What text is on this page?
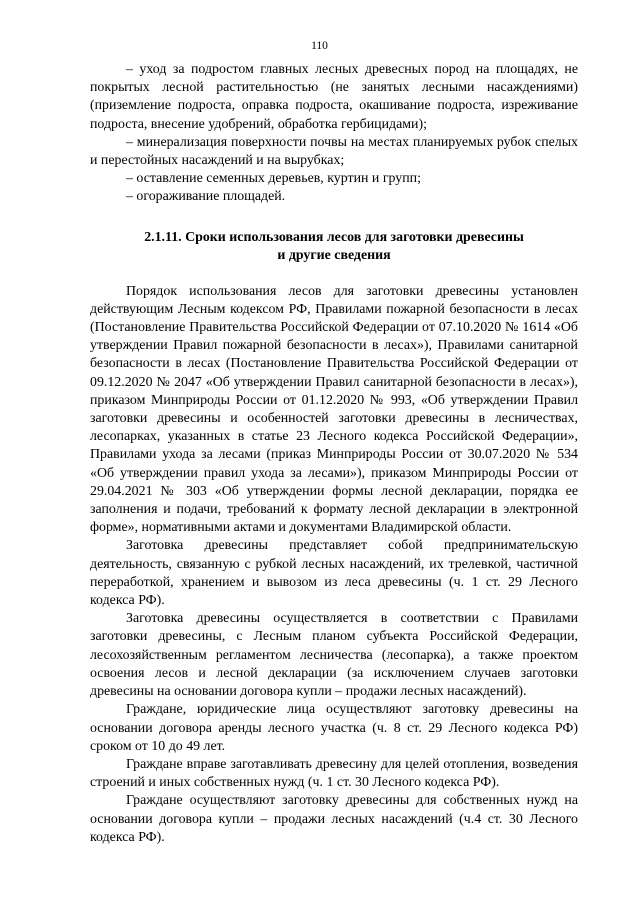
110

– уход за подростом главных лесных древесных пород на площадях, не покрытых лесной растительностью (не занятых лесными насаждениями) (приземление подроста, оправка подроста, окашивание подроста, изреживание подроста, внесение удобрений, обработка гербицидами);

– минерализация поверхности почвы на местах планируемых рубок спелых и перестойных насаждений и на вырубках;

– оставление семенных деревьев, куртин и групп;

– огораживание площадей.

2.1.11. Сроки использования лесов для заготовки древесины
и другие сведения

Порядок использования лесов для заготовки древесины установлен действующим Лесным кодексом РФ, Правилами пожарной безопасности в лесах (Постановление Правительства Российской Федерации от 07.10.2020 № 1614 «Об утверждении Правил пожарной безопасности в лесах»), Правилами санитарной безопасности в лесах (Постановление Правительства Российской Федерации от 09.12.2020 № 2047 «Об утверждении Правил санитарной безопасности в лесах»), приказом Минприроды России от 01.12.2020 № 993, «Об утверждении Правил заготовки древесины и особенностей заготовки древесины в лесничествах, лесопарках, указанных в статье 23 Лесного кодекса Российской Федерации», Правилами ухода за лесами (приказ Минприроды России от 30.07.2020 № 534 «Об утверждении правил ухода за лесами»), приказом Минприроды России от 29.04.2021 № 303 «Об утверждении формы лесной декларации, порядка ее заполнения и подачи, требований к формату лесной декларации в электронной форме», нормативными актами и документами Владимирской области.

Заготовка древесины представляет собой предпринимательскую деятельность, связанную с рубкой лесных насаждений, их трелевкой, частичной переработкой, хранением и вывозом из леса древесины (ч. 1 ст. 29 Лесного кодекса РФ).

Заготовка древесины осуществляется в соответствии с Правилами заготовки древесины, с Лесным планом субъекта Российской Федерации, лесохозяйственным регламентом лесничества (лесопарка), а также проектом освоения лесов и лесной декларации (за исключением случаев заготовки древесины на основании договора купли – продажи лесных насаждений).

Граждане, юридические лица осуществляют заготовку древесины на основании договора аренды лесного участка (ч. 8 ст. 29 Лесного кодекса РФ) сроком от 10 до 49 лет.

Граждане вправе заготавливать древесину для целей отопления, возведения строений и иных собственных нужд (ч. 1 ст. 30 Лесного кодекса РФ).

Граждане осуществляют заготовку древесины для собственных нужд на основании договора купли – продажи лесных насаждений (ч.4 ст. 30 Лесного кодекса РФ).
